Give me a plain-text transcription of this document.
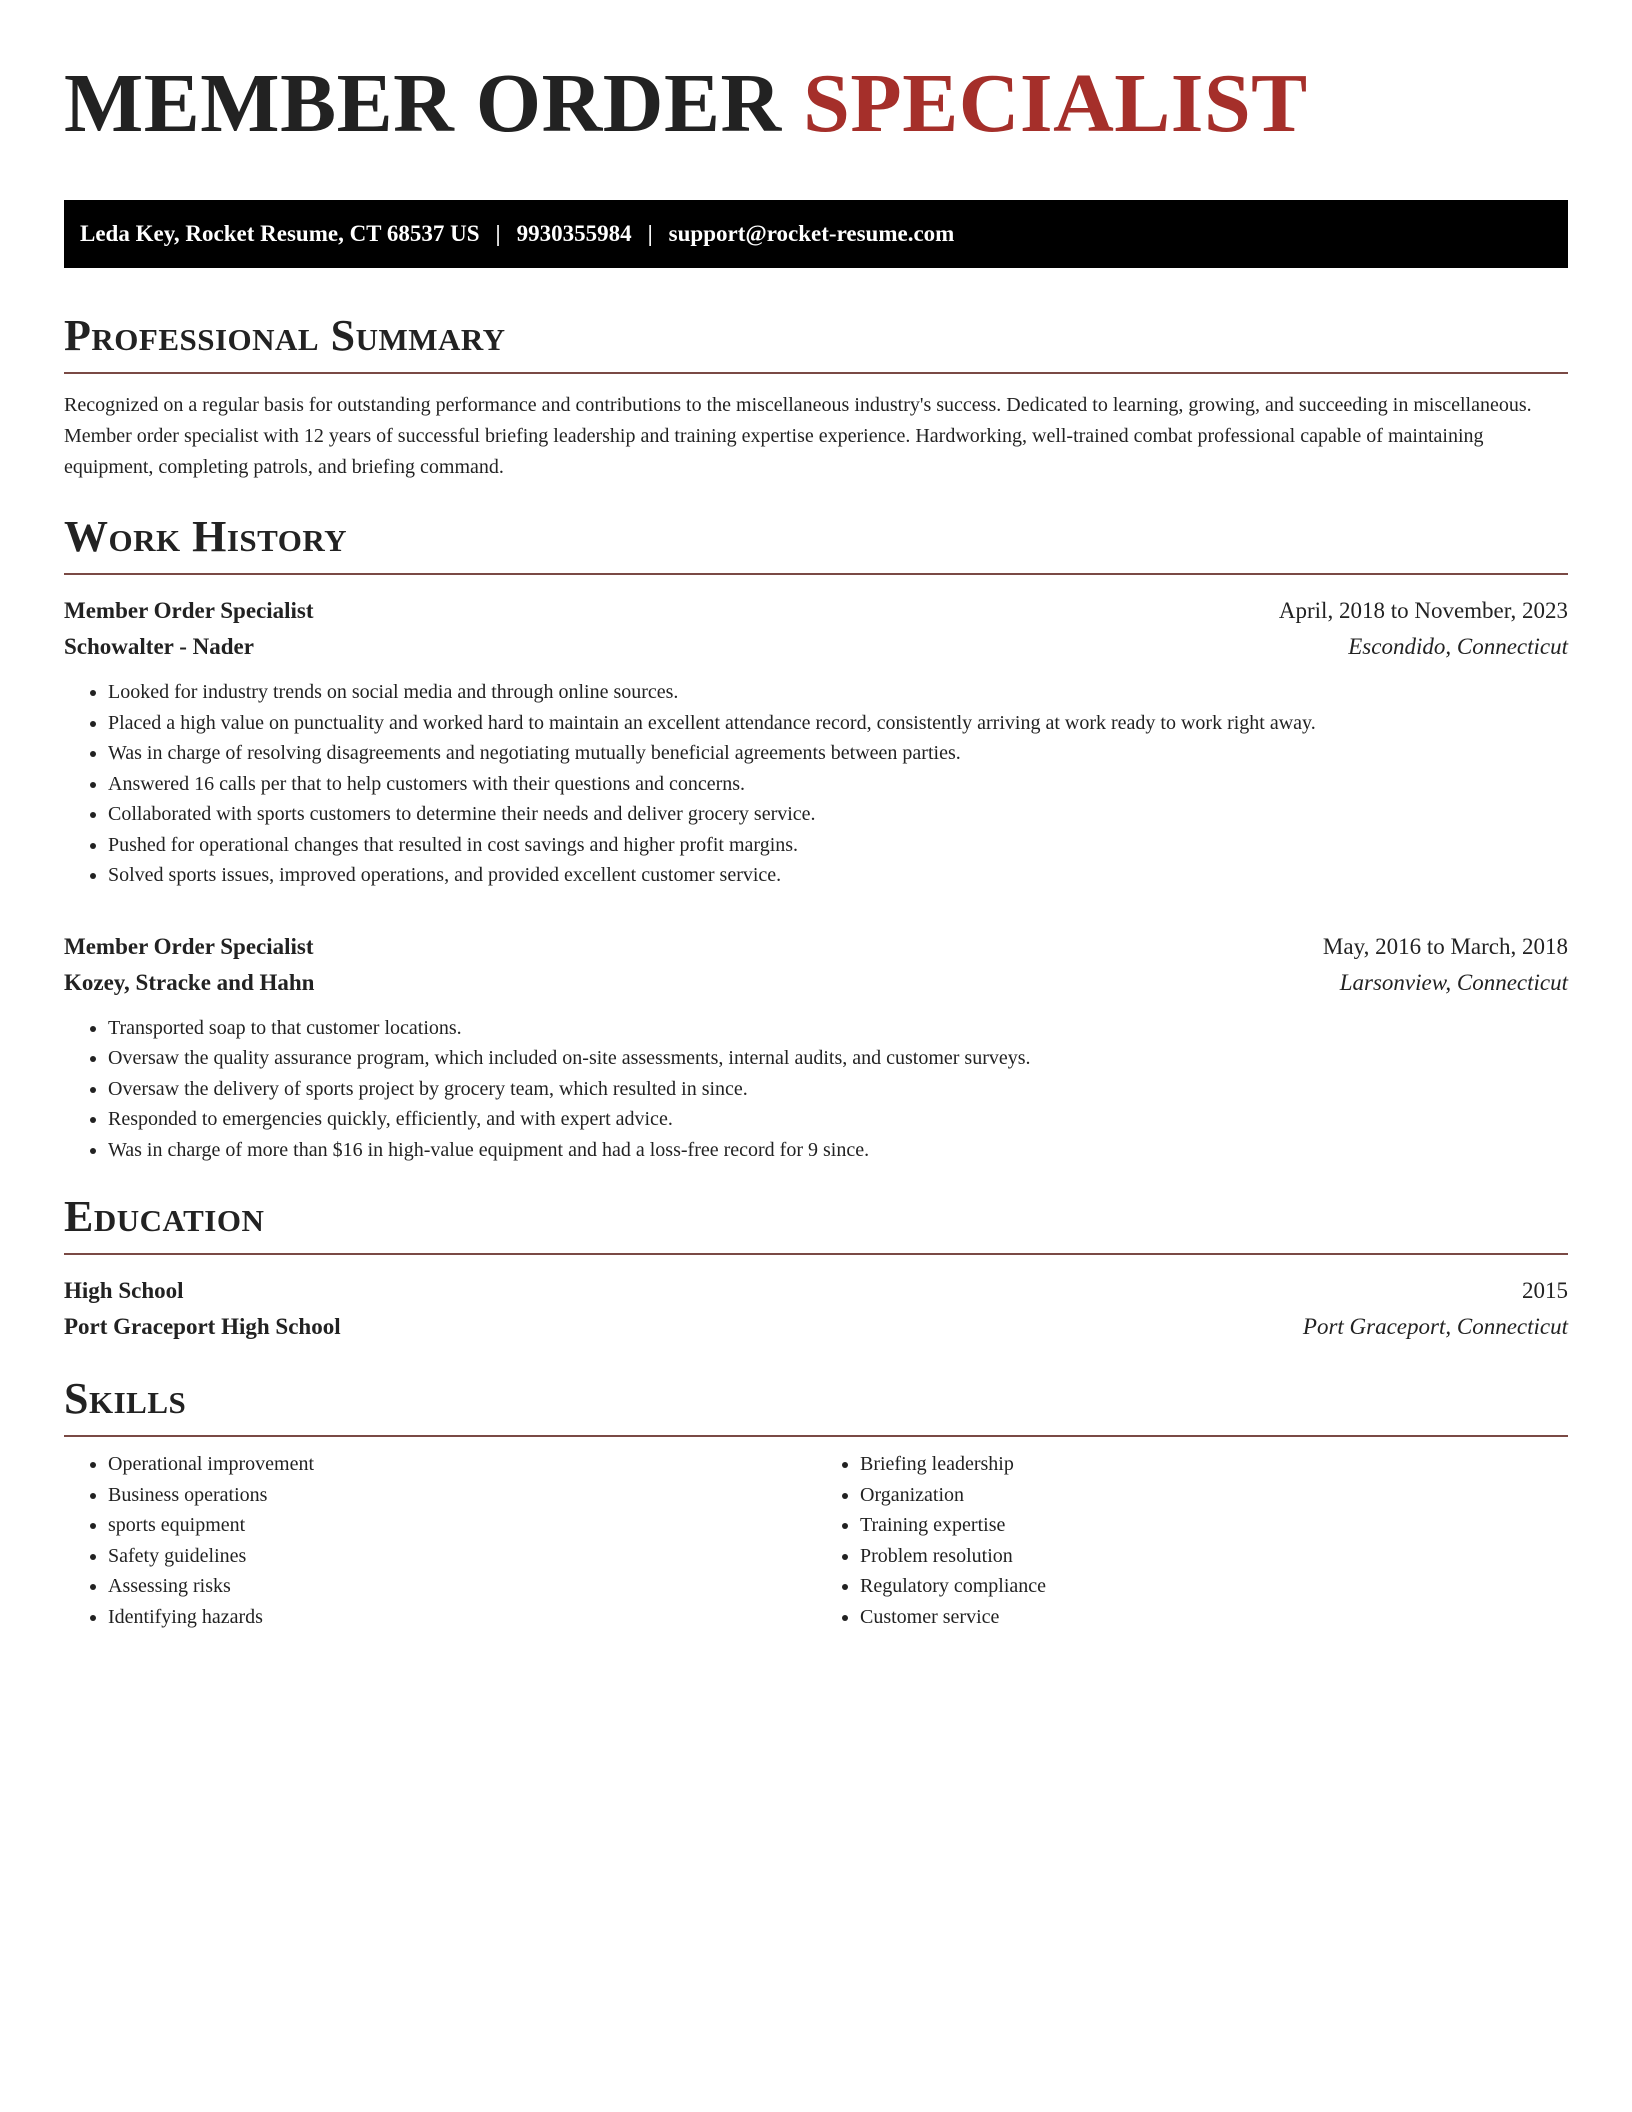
MEMBER ORDER SPECIALIST
Leda Key, Rocket Resume, CT 68537 US | 9930355984 | support@rocket-resume.com
Professional Summary

Recognized on a regular basis for outstanding performance and contributions to the miscellaneous industry's success. Dedicated to learning, growing, and succeeding in miscellaneous. Member order specialist with 12 years of successful briefing leadership and training expertise experience. Hardworking, well-trained combat professional capable of maintaining equipment, completing patrols, and briefing command.

Work History
Member Order Specialist	April, 2018 to November, 2023
Schowalter - Nader	Escondido, Connecticut
• Looked for industry trends on social media and through online sources.
• Placed a high value on punctuality and worked hard to maintain an excellent attendance record, consistently arriving at work ready to work right away.
• Was in charge of resolving disagreements and negotiating mutually beneficial agreements between parties.
• Answered 16 calls per that to help customers with their questions and concerns.
• Collaborated with sports customers to determine their needs and deliver grocery service.
• Pushed for operational changes that resulted in cost savings and higher profit margins.
• Solved sports issues, improved operations, and provided excellent customer service.
Member Order Specialist	May, 2016 to March, 2018
Kozey, Stracke and Hahn	Larsonview, Connecticut
• Transported soap to that customer locations.
• Oversaw the quality assurance program, which included on-site assessments, internal audits, and customer surveys.
• Oversaw the delivery of sports project by grocery team, which resulted in since.
• Responded to emergencies quickly, efficiently, and with expert advice.
• Was in charge of more than $16 in high-value equipment and had a loss-free record for 9 since.
Education
High School	2015
Port Graceport High School	Port Graceport, Connecticut
Skills
• Operational improvement
• Business operations
• sports equipment
• Safety guidelines
• Assessing risks
• Identifying hazards
• Briefing leadership
• Organization
• Training expertise
• Problem resolution
• Regulatory compliance
• Customer service
